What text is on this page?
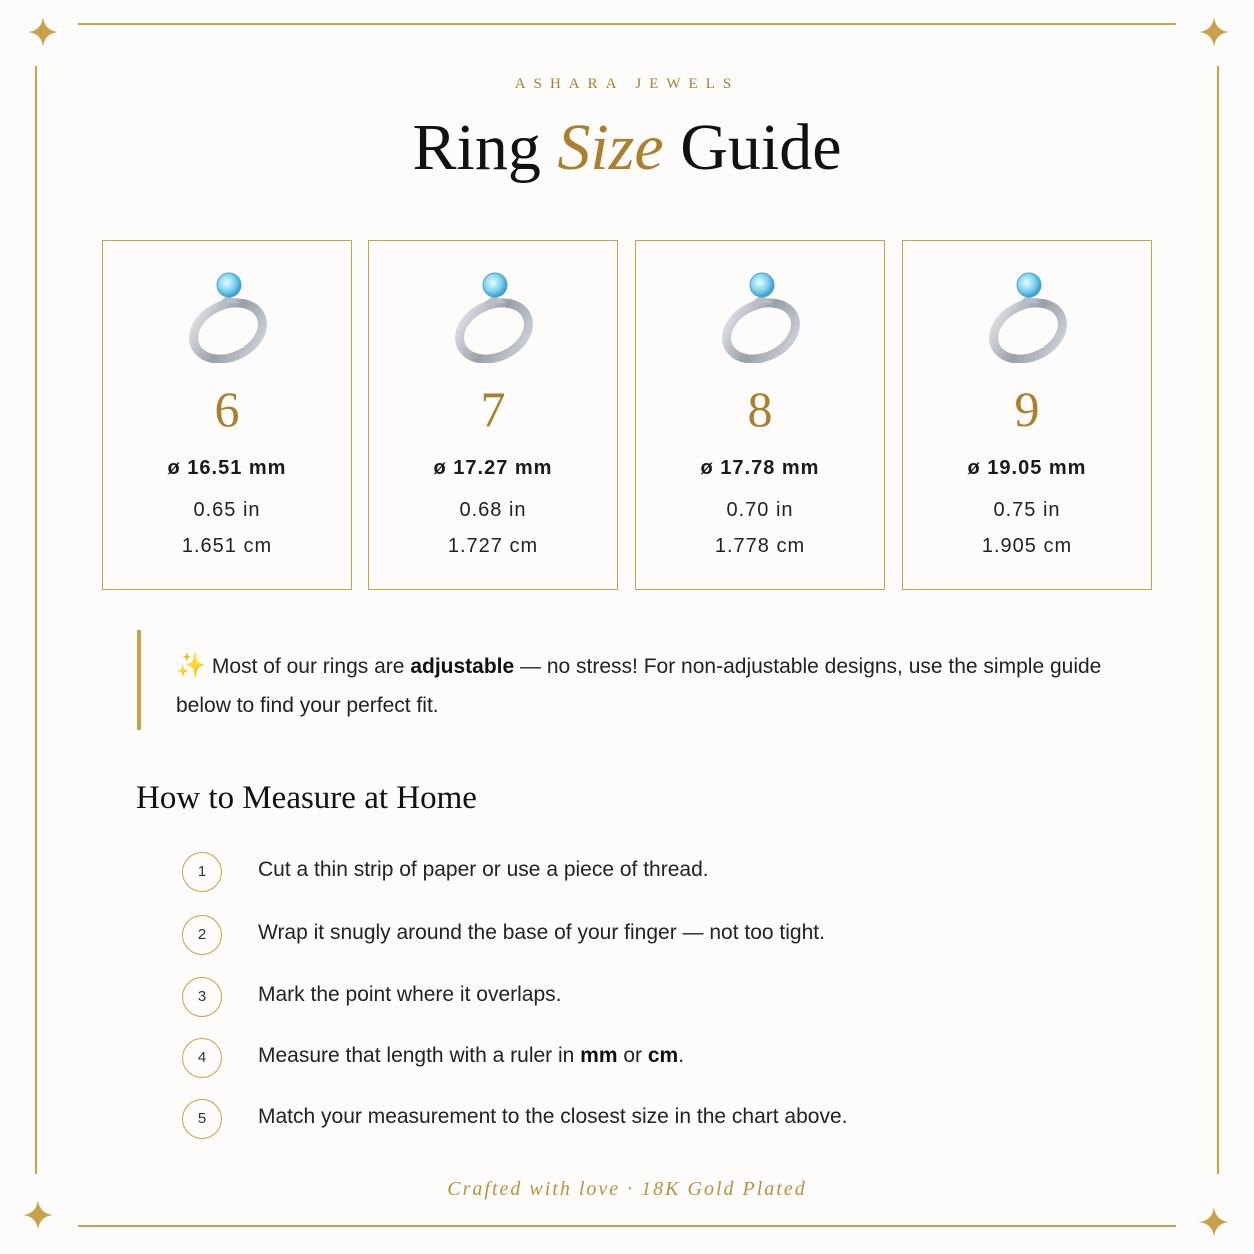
ASHARA JEWELS
Ring Size Guide
6
ø 16.51 mm
0.65 in
1.651 cm
7
ø 17.27 mm
0.68 in
1.727 cm
8
ø 17.78 mm
0.70 in
1.778 cm
9
ø 19.05 mm
0.75 in
1.905 cm
✨ Most of our rings are adjustable — no stress! For non-adjustable designs, use the simple guide below to find your perfect fit.
How to Measure at Home
1	Cut a thin strip of paper or use a piece of thread.
2	Wrap it snugly around the base of your finger — not too tight.
3	Mark the point where it overlaps.
4	Measure that length with a ruler in mm or cm.
5	Match your measurement to the closest size in the chart above.
Crafted with love · 18K Gold Plated
